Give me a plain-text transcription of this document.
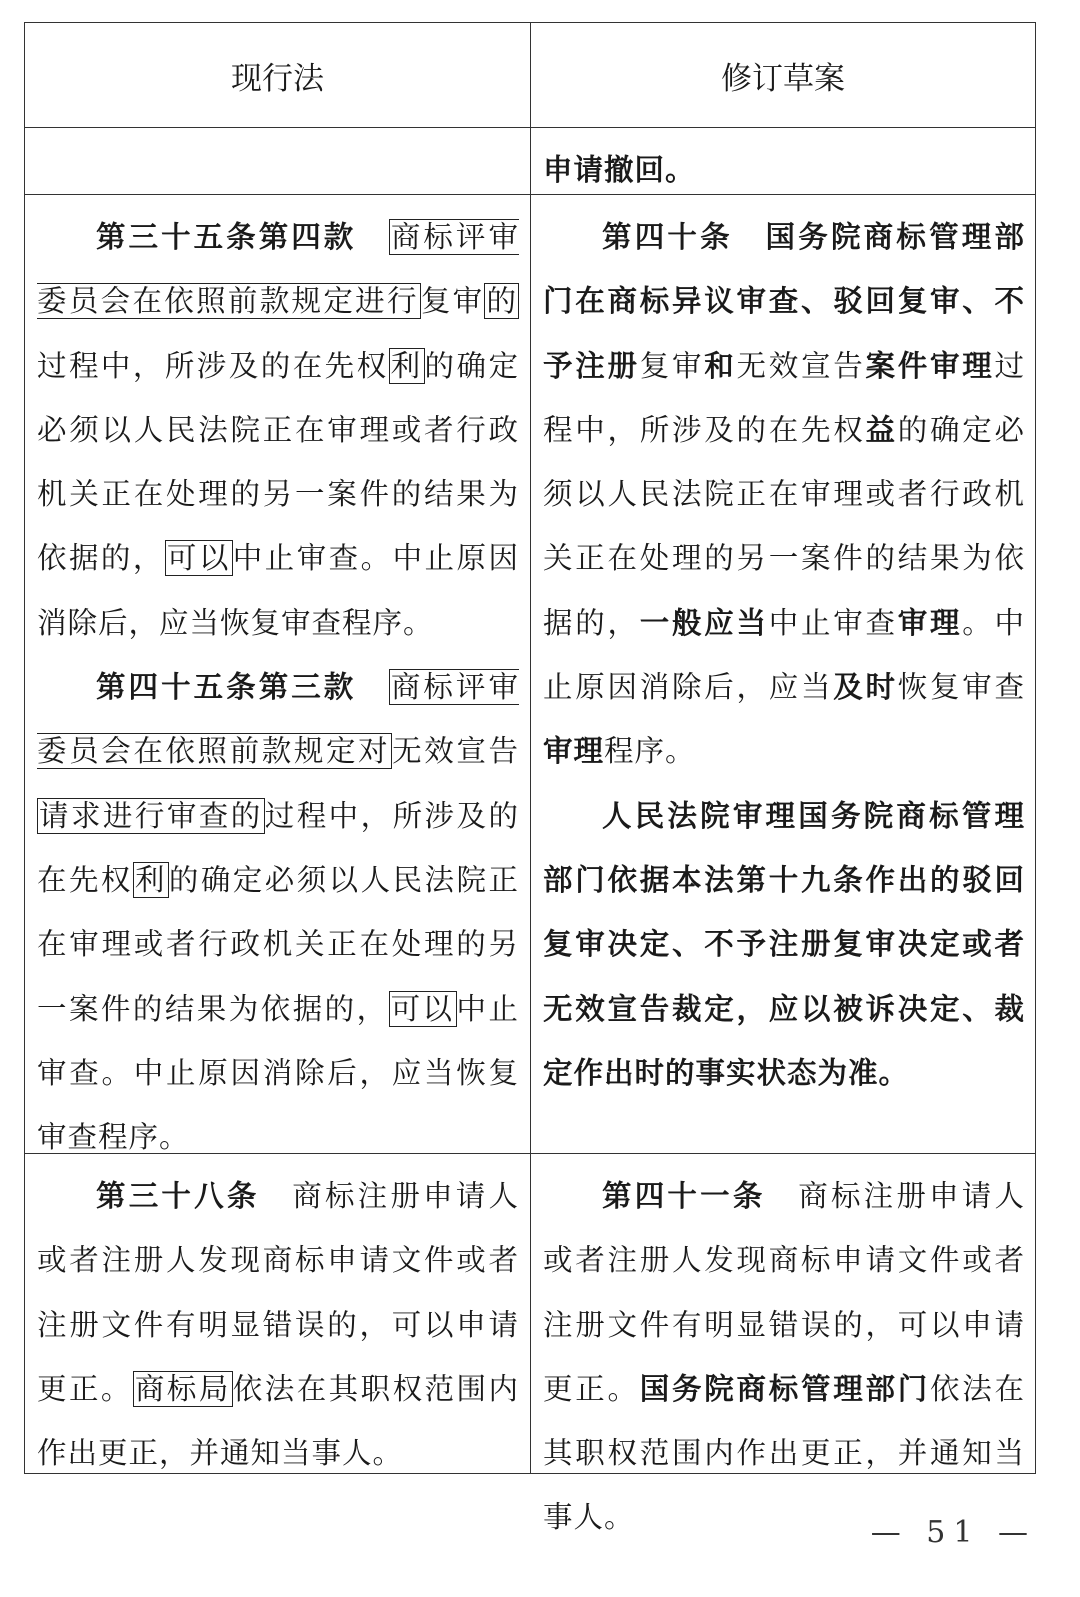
现行法	修订草案
申请撤回。
第三十五条第四款　 商标评审委员会在依照前款规定进行复审的过程中，所涉及的在先权利的确定必须以人民法院正在审理或者行政机关正在处理的另一案件的结果为依据的，可以中止审查。中止原因消除后，应当恢复审查程序。
第四十五条第三款　 商标评审委员会在依照前款规定对无效宣告请求进行审查的过程中，所涉及的在先权利的确定必须以人民法院正在审理或者行政机关正在处理的另一案件的结果为依据的，可以中止审查。中止原因消除后，应当恢复审查程序。
第四十条　 国务院商标管理部门在商标异议审查、驳回复审、不予注册复审和无效宣告案件审理过程中，所涉及的在先权益的确定必须以人民法院正在审理或者行政机关正在处理的另一案件的结果为依据的，一般应当中止审查审理。中止原因消除后，应当及时恢复审查审理程序。
人民法院审理国务院商标管理部门依据本法第十九条作出的驳回复审决定、不予注册复审决定或者无效宣告裁定，应以被诉决定、裁定作出时的事实状态为准。
第三十八条　 商标注册申请人或者注册人发现商标申请文件或者注册文件有明显错误的，可以申请更正。商标局依法在其职权范围内作出更正，并通知当事人。
第四十一条　 商标注册申请人或者注册人发现商标申请文件或者注册文件有明显错误的，可以申请更正。国务院商标管理部门依法在其职权范围内作出更正，并通知当事人。	— 51 —
